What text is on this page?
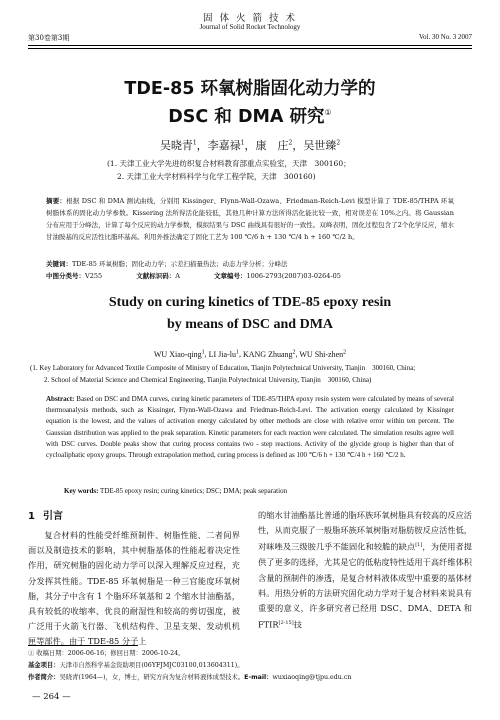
固 体 火 箭 技 术
Journal of Solid Rocket Technology
第30卷第3期	Vol. 30 No. 3 2007
TDE-85 环氧树脂固化动力学的
DSC 和 DMA 研究①
吴晓青$^1$，李嘉禄$^1$，康　庄$^2$，吴世臻$^2$
(1. 天津工业大学先进纺织复合材料教育部重点实验室，天津　300160；
2. 天津工业大学材料科学与化学工程学院，天津　300160)
摘要：根据 DSC 和 DMA 测试曲线，分别用 Kissinger、Flynn-Wall-Ozawa、Friedman-Reich-Levi 模型计算了 TDE-85/THPA 环氧树脂体系的固化动力学参数。Kissering 法所得活化能较低，其他几种计算方法所得活化能比较一致，相对误差在 10%之内。将 Gaussian 分布应用于分峰法，计算了每个反应的动力学参数，模拟结果与 DSC 曲线具有很好的一致性。双峰表明，固化过程包含了2个化学反应，缩水甘油胺基的反应活性比脂环基高。利用外推法确定了固化工艺为 100 ℃/6 h + 130 ℃/4 h + 160 ℃/2 h。
关键词：TDE-85 环氧树脂；固化动力学；示差扫描量热法；动态力学分析；分峰法
中图分类号：V255	文献标识码：A	文章编号：1006-2793(2007)03-0264-05
Study on curing kinetics of TDE-85 epoxy resin
by means of DSC and DMA
WU Xiao-qing$^1$, LI Jia-$lu^1$, KANG Zhuang$^2$, WU Shi-zhen$^2$
(1. Key Laboratory for Advanced Textile Composite of Ministry of Education, Tianjin Polytechnical University, Tianjin　300160, China;
2. School of Material Science and Chemical Engineering, Tianjin Polytechnical University, Tianjin　300160, China)
Abstract: Based on DSC and DMA curves, curing kinetic parameters of TDE-85/THPA epoxy resin system were calculated by means of several thermoanalysis methods, such as Kissinger, Flynn-Wall-Ozawa and Friedman-Reich-Levi. The activation energy calculated by Kissinger equation is the lowest, and the values of activation energy calculated by other methods are close with relative error within ten percent. The Gaussian distribution was applied to the peak separation. Kinetic parameters for each reaction were calculated. The simulation results agree well with DSC curves. Double peaks show that curing process contains two - step reactions. Activity of the glycide group is higher than that of cycloaliphatic epoxy groups. Through extrapolation method, curing process is defined as 100 ℃/6 h + 130 ℃/4 h + 160 ℃/2 h.
Key words: TDE-85 epoxy resin; curing kinetics; DSC; DMA; peak separation
1 引言

复合材料的性能受纤维预制件、树脂性能、二者间界面以及制造技术的影响，其中树脂基体的性能起着决定性作用，研究树脂的固化动力学可以深入理解反应过程，充分发挥其性能。TDE-85 环氧树脂是一种三官能度环氧树脂，其分子中含有 1 个脂环环氧基和 2 个缩水甘油酯基，具有较低的收缩率、优良的耐湿性和较高的剪切强度，被广泛用于火箭飞行器、飞机结构件、卫星支架、发动机机匣等部件。由于 TDE-85 分子上

的缩水甘油酯基比普通的脂环族环氧树脂具有较高的反应活性，从而克服了一般脂环族环氧树脂对脂肪胺反应活性低，对咪唑及三级胺几乎不能固化和较脆的缺点[1]，为使用者提供了更多的选择，尤其是它的低粘度特性适用于高纤维体积含量的预制件的渗透，是复合材料液体成型中重要的基体材料。用热分析的方法研究固化动力学对于复合材料来说具有重要的意义，许多研究者已经用 DSC、DMA、DETA 和 FTIR[2-15]技

① 收稿日期：2006-06-16；修回日期：2006-10-24。
基金项目：天津市自然科学基金资助项目(06YFJMJC03100,013604311)。
作者简介：吴晓青(1964—)，女，博士，研究方向为复合材料液体成型技术。E-mail：wuxiaoqing@tjpu.edu.cn
— 264 —
